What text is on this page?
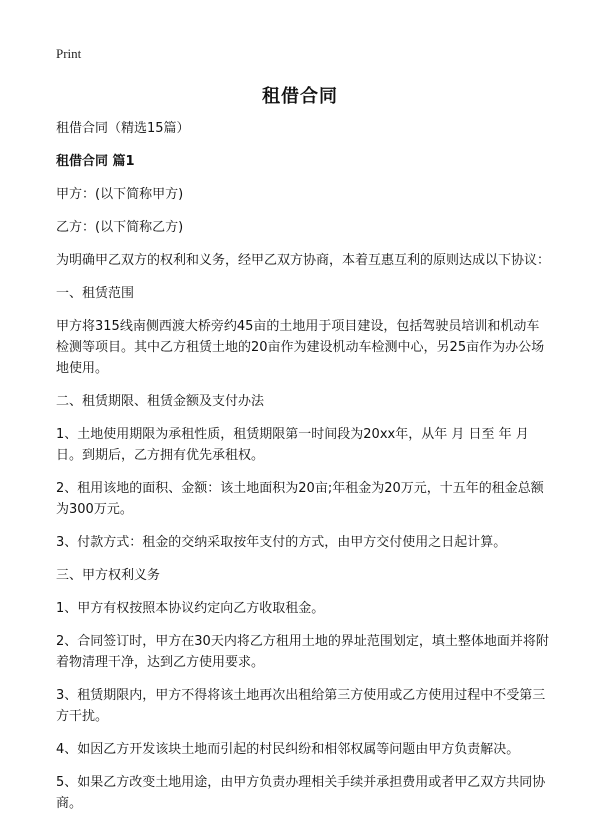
Print
租借合同

租借合同（精选15篇）

租借合同 篇1

甲方：(以下简称甲方)

乙方：(以下简称乙方)

为明确甲乙双方的权利和义务，经甲乙双方协商，本着互惠互利的原则达成以下协议：

一、租赁范围

甲方将315线南侧西渡大桥旁约45亩的土地用于项目建设，包括驾驶员培训和机动车检测等项目。其中乙方租赁土地的20亩作为建设机动车检测中心，另25亩作为办公场地使用。

二、租赁期限、租赁金额及支付办法

1、土地使用期限为承租性质，租赁期限第一时间段为20xx年，从年 月 日至 年 月 日。到期后，乙方拥有优先承租权。

2、租用该地的面积、金额：该土地面积为20亩;年租金为20万元，十五年的租金总额为300万元。

3、付款方式：租金的交纳采取按年支付的方式，由甲方交付使用之日起计算。

三、甲方权利义务

1、甲方有权按照本协议约定向乙方收取租金。

2、合同签订时，甲方在30天内将乙方租用土地的界址范围划定，填土整体地面并将附着物清理干净，达到乙方使用要求。

3、租赁期限内，甲方不得将该土地再次出租给第三方使用或乙方使用过程中不受第三方干扰。

4、如因乙方开发该块土地而引起的村民纠纷和相邻权属等问题由甲方负责解决。

5、如果乙方改变土地用途，由甲方负责办理相关手续并承担费用或者甲乙双方共同协商。
